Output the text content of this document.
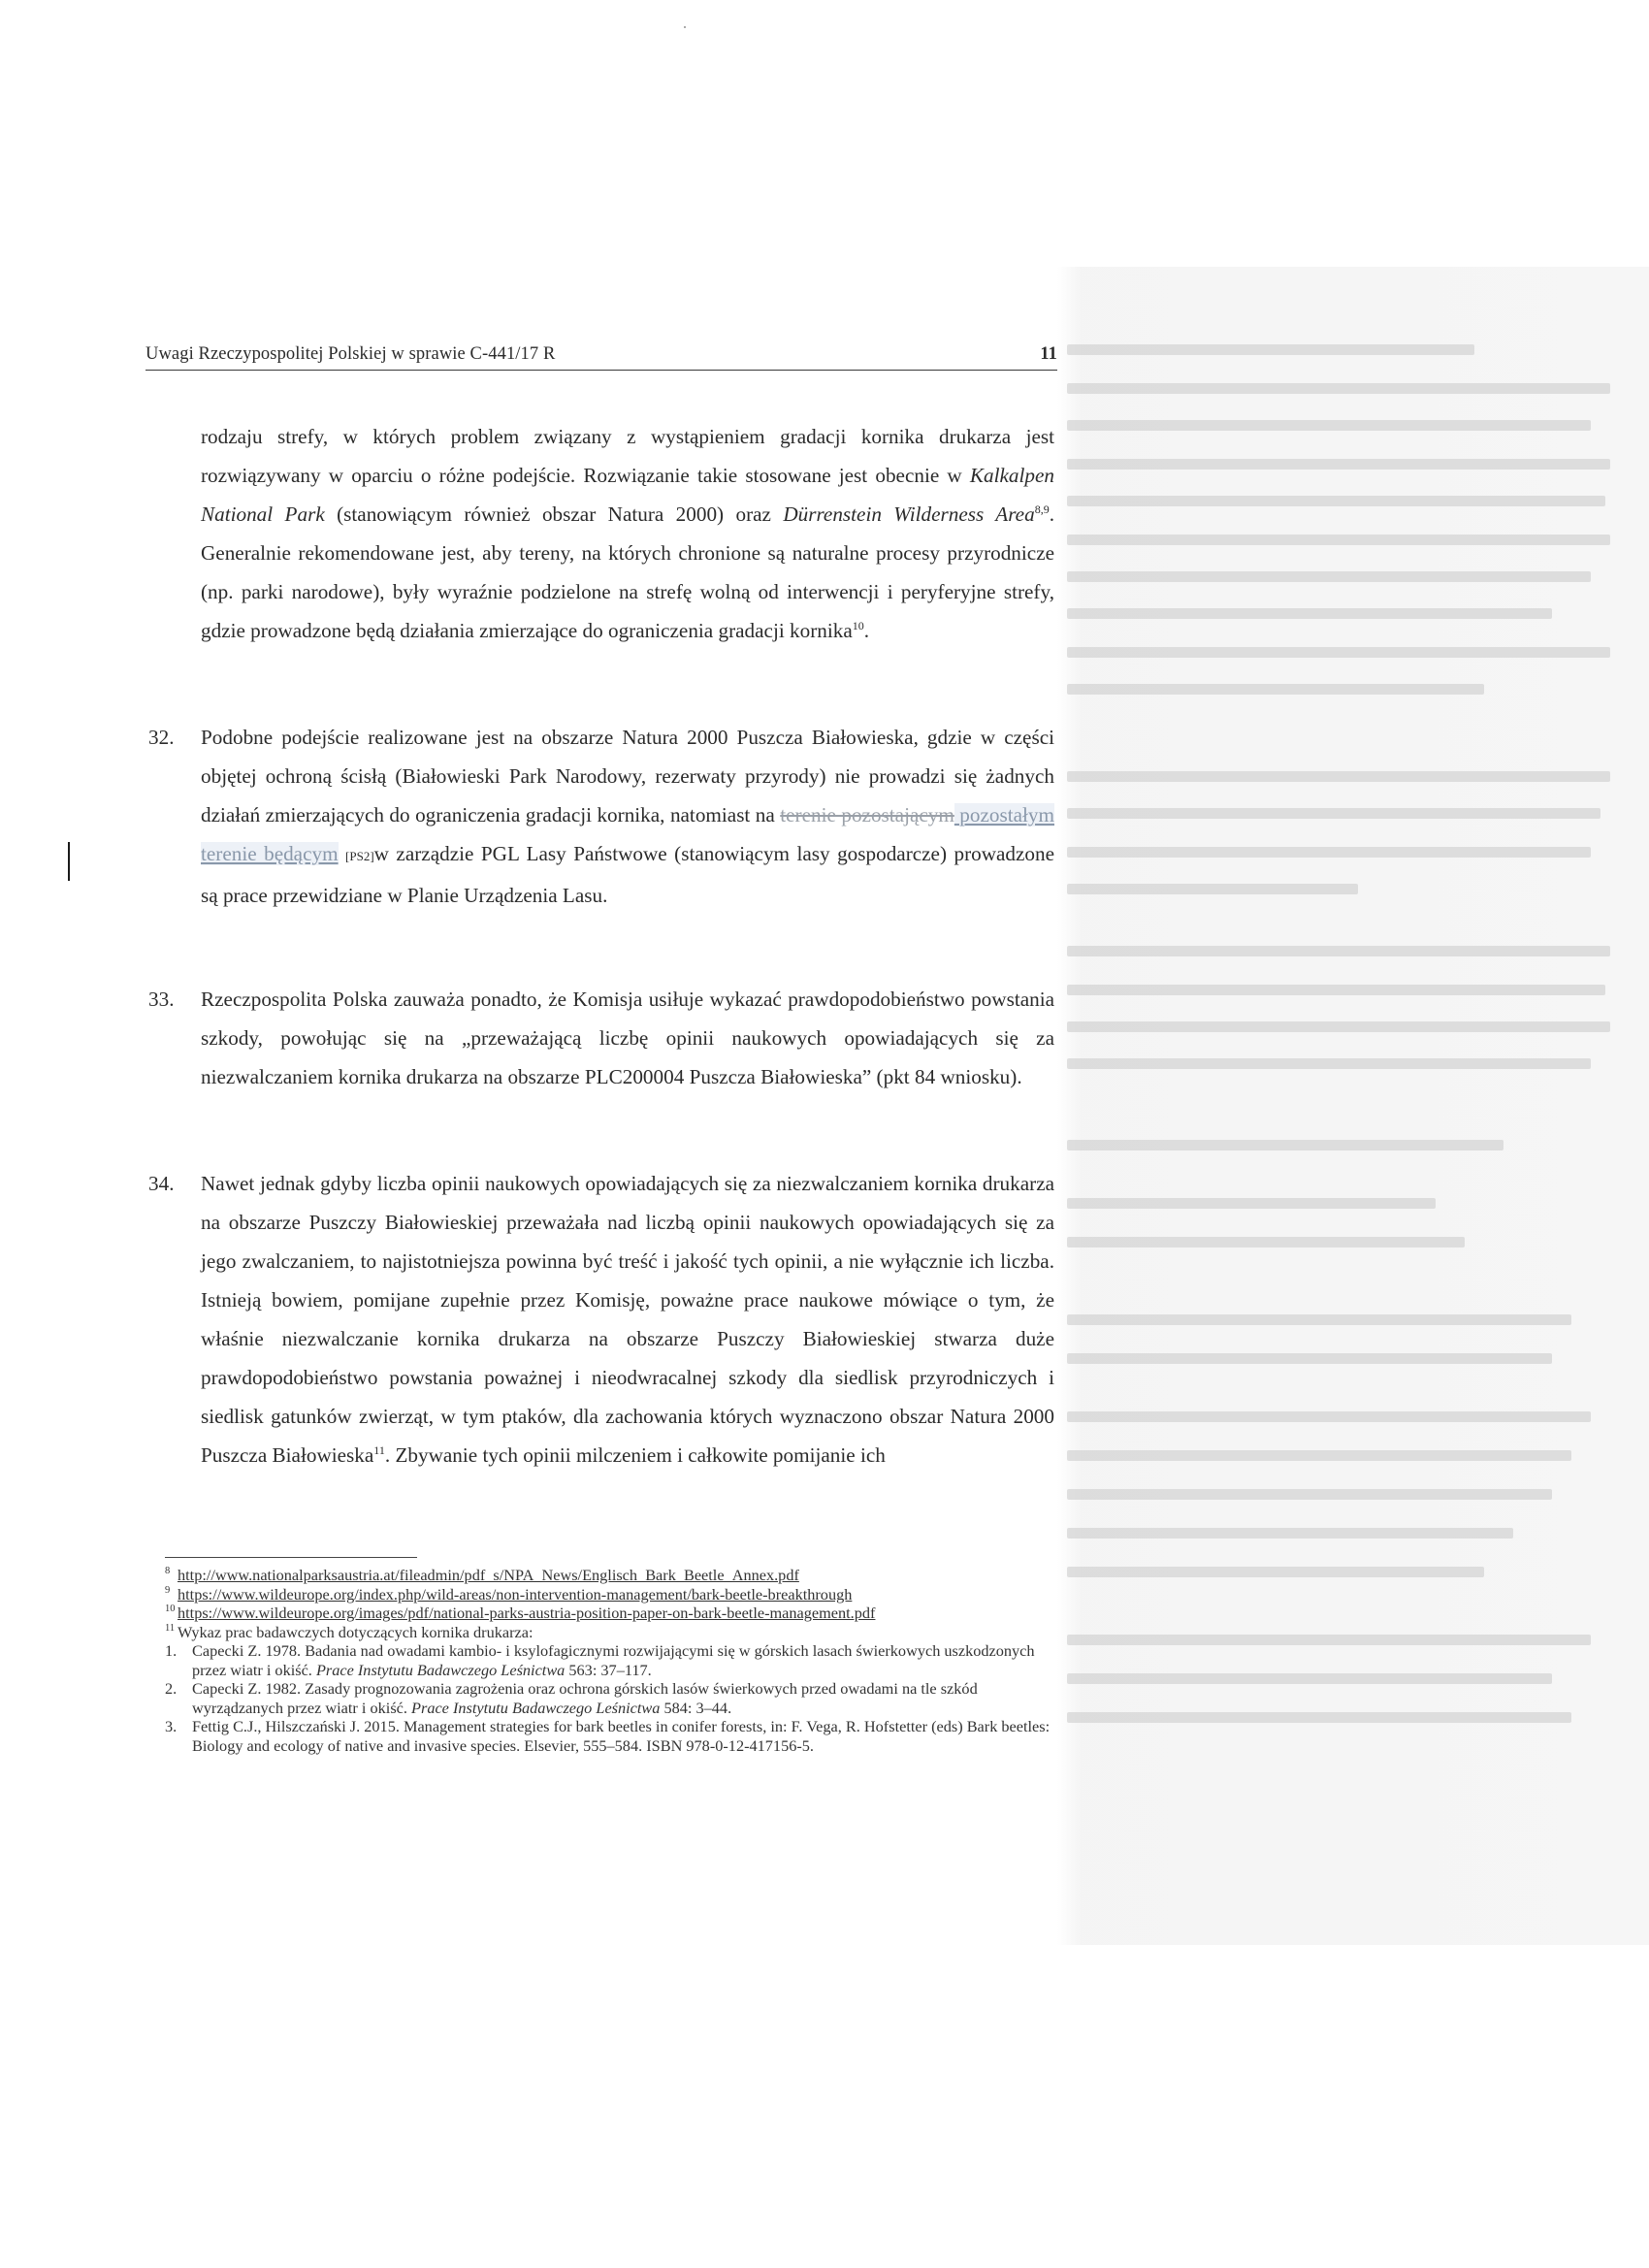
Uwagi Rzeczypospolitej Polskiej w sprawie C-441/17 R	11
rodzaju strefy, w których problem związany z wystąpieniem gradacji kornika drukarza jest rozwiązywany w oparciu o różne podejście. Rozwiązanie takie stosowane jest obecnie w Kalkalpen National Park (stanowiącym również obszar Natura 2000) oraz Dürrenstein Wilderness Area$^{8,9}$. Generalnie rekomendowane jest, aby tereny, na których chronione są naturalne procesy przyrodnicze (np. parki narodowe), były wyraźnie podzielone na strefę wolną od interwencji i peryferyjne strefy, gdzie prowadzone będą działania zmierzające do ograniczenia gradacji kornika$^{10}$.
32. Podobne podejście realizowane jest na obszarze Natura 2000 Puszcza Białowieska, gdzie w części objętej ochroną ścisłą (Białowieski Park Narodowy, rezerwaty przyrody) nie prowadzi się żadnych działań zmierzających do ograniczenia gradacji kornika, natomiast na terenie pozostającym pozostałym terenie będącym [PS2]w zarządzie PGL Lasy Państwowe (stanowiącym lasy gospodarcze) prowadzone są prace przewidziane w Planie Urządzenia Lasu.
33. Rzeczpospolita Polska zauważa ponadto, że Komisja usiłuje wykazać prawdopodobieństwo powstania szkody, powołując się na „przeważającą liczbę opinii naukowych opowiadających się za niezwalczaniem kornika drukarza na obszarze PLC200004 Puszcza Białowieska” (pkt 84 wniosku).
34. Nawet jednak gdyby liczba opinii naukowych opowiadających się za niezwalczaniem kornika drukarza na obszarze Puszczy Białowieskiej przeważała nad liczbą opinii naukowych opowiadających się za jego zwalczaniem, to najistotniejsza powinna być treść i jakość tych opinii, a nie wyłącznie ich liczba. Istnieją bowiem, pomijane zupełnie przez Komisję, poważne prace naukowe mówiące o tym, że właśnie niezwalczanie kornika drukarza na obszarze Puszczy Białowieskiej stwarza duże prawdopodobieństwo powstania poważnej i nieodwracalnej szkody dla siedlisk przyrodniczych i siedlisk gatunków zwierząt, w tym ptaków, dla zachowania których wyznaczono obszar Natura 2000 Puszcza Białowieska$^{11}$. Zbywanie tych opinii milczeniem i całkowite pomijanie ich
8 http://www.nationalparksaustria.at/fileadmin/pdf_s/NPA_News/Englisch_Bark_Beetle_Annex.pdf
9 https://www.wildeurope.org/index.php/wild-areas/non-intervention-management/bark-beetle-breakthrough
10 https://www.wildeurope.org/images/pdf/national-parks-austria-position-paper-on-bark-beetle-management.pdf
11 Wykaz prac badawczych dotyczących kornika drukarza:
1. Capecki Z. 1978. Badania nad owadami kambio- i ksylofagicznymi rozwijającymi się w górskich lasach świerkowych uszkodzonych przez wiatr i okiść. Prace Instytutu Badawczego Leśnictwa 563: 37–117.
2. Capecki Z. 1982. Zasady prognozowania zagrożenia oraz ochrona górskich lasów świerkowych przed owadami na tle szkód wyrządzanych przez wiatr i okiść. Prace Instytutu Badawczego Leśnictwa 584: 3–44.
3. Fettig C.J., Hilszczański J. 2015. Management strategies for bark beetles in conifer forests, in: F. Vega, R. Hofstetter (eds) Bark beetles: Biology and ecology of native and invasive species. Elsevier, 555–584. ISBN 978-0-12-417156-5.
